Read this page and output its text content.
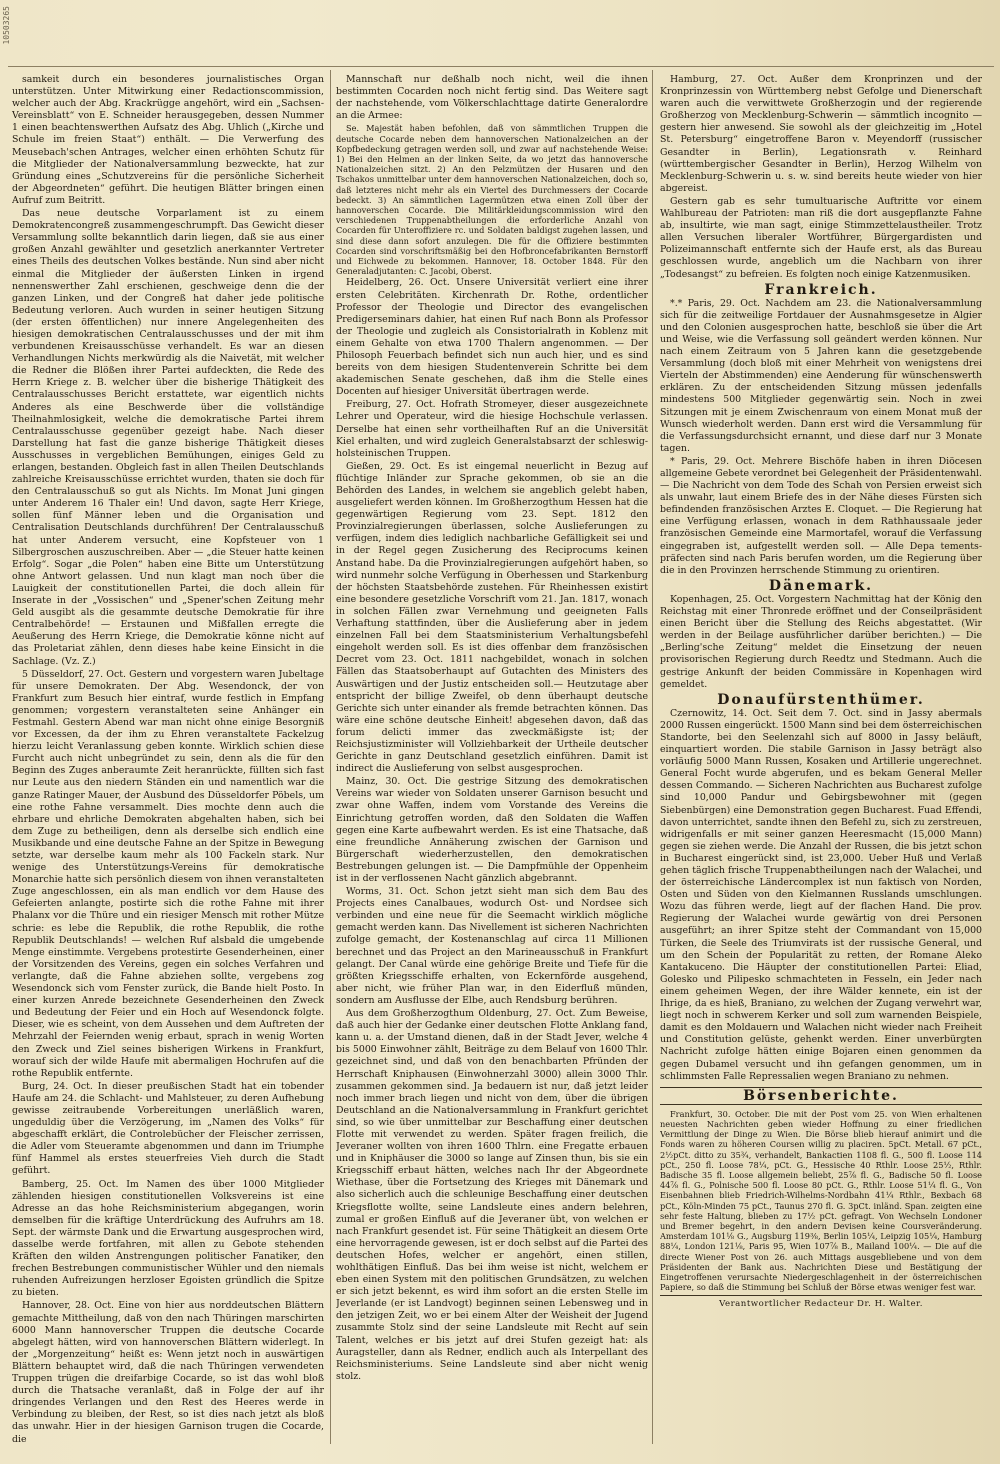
10503265

samkeit durch ein besonderes journalistisches Organ unterstützen. Unter Mitwirkung einer Redactionscommission, welcher auch der Abg. Krackrügge angehört, wird ein „Sachsen-Vereinsblatt“ von E. Schneider herausgegeben, dessen Nummer 1 einen beachtenswerthen Aufsatz des Abg. Uhlich („Kirche und Schule im freien Staat“) enthält. — Die Verwerfung des Meusebach'schen Antrages, welcher einen erhöhten Schutz für die Mitglieder der Nationalversammlung bezweckte, hat zur Gründung eines „Schutzvereins für die persönliche Sicherheit der Abgeordneten“ geführt. Die heutigen Blätter bringen einen Aufruf zum Beitritt.

Das neue deutsche Vorparlament ist zu einem Demokratencongreß zusammengeschrumpft. Das Gewicht dieser Versammlung sollte bekanntlich darin liegen, daß sie aus einer großen Anzahl gewählter und gesetzlich anerkannter Vertreter eines Theils des deutschen Volkes bestände. Nun sind aber nicht einmal die Mitglieder der äußersten Linken in irgend nennenswerther Zahl erschienen, geschweige denn die der ganzen Linken, und der Congreß hat daher jede politische Bedeutung verloren. Auch wurden in seiner heutigen Sitzung (der ersten öffentlichen) nur innere Angelegenheiten des hiesigen demokratischen Centralausschusses und der mit ihm verbundenen Kreisausschüsse verhandelt. Es war an diesen Verhandlungen Nichts merkwürdig als die Naivetät, mit welcher die Redner die Blößen ihrer Partei aufdeckten, die Rede des Herrn Kriege z. B. welcher über die bisherige Thätigkeit des Centralausschusses Bericht erstattete, war eigentlich nichts Anderes als eine Beschwerde über die vollständige Theilnahmlosigkeit, welche die demokratische Partei ihrem Centralausschusse gegenüber gezeigt habe. Nach dieser Darstellung hat fast die ganze bisherige Thätigkeit dieses Ausschusses in vergeblichen Bemühungen, einiges Geld zu erlangen, bestanden. Obgleich fast in allen Theilen Deutschlands zahlreiche Kreisausschüsse errichtet wurden, thaten sie doch für den Centralausschuß so gut als Nichts. Im Monat Juni gingen unter Anderem 16 Thaler ein! Und davon, sagte Herr Kriege, sollen fünf Männer leben und die Organisation und Centralisation Deutschlands durchführen! Der Centralausschuß hat unter Anderem versucht, eine Kopfsteuer von 1 Silbergroschen auszuschreiben. Aber — „die Steuer hatte keinen Erfolg“. Sogar „die Polen“ haben eine Bitte um Unterstützung ohne Antwort gelassen. Und nun klagt man noch über die Lauigkeit der constitutionellen Partei, die doch allein für Inserate in der „Vossischen“ und „Spener'schen Zeitung mehr Geld ausgibt als die gesammte deutsche Demokratie für ihre Centralbehörde! — Erstaunen und Mißfallen erregte die Aeußerung des Herrn Kriege, die Demokratie könne nicht auf das Proletariat zählen, denn dieses habe keine Einsicht in die Sachlage. (Vz. Z.)

5 Düsseldorf, 27. Oct. Gestern und vorgestern waren Jubeltage für unsere Demokraten. Der Abg. Wesendonck, der von Frankfurt zum Besuch hier eintraf, wurde festlich in Empfang genommen; vorgestern veranstalteten seine Anhänger ein Festmahl. Gestern Abend war man nicht ohne einige Besorgniß vor Excessen, da der ihm zu Ehren veranstaltete Fackelzug hierzu leicht Veranlassung geben konnte. Wirklich schien diese Furcht auch nicht unbegründet zu sein, denn als die für den Beginn des Zuges anberaumte Zeit heranrückte, füllten sich fast nur Leute aus den niedern Ständen ein und namentlich war die ganze Ratinger Mauer, der Ausbund des Düsseldorfer Pöbels, um eine rothe Fahne versammelt. Dies mochte denn auch die ehrbare und ehrliche Demokraten abgehalten haben, sich bei dem Zuge zu betheiligen, denn als derselbe sich endlich eine Musikbande und eine deutsche Fahne an der Spitze in Bewegung setzte, war derselbe kaum mehr als 100 Fackeln stark. Nur wenige des Unterstützungs-Vereins für demokratische Monarchie hatte sich persönlich diesem von ihnen veranstalteten Zuge angeschlossen, ein als man endlich vor dem Hause des Gefeierten anlangte, postirte sich die rothe Fahne mit ihrer Phalanx vor die Thüre und ein riesiger Mensch mit rother Mütze schrie: es lebe die Republik, die rothe Republik, die rothe Republik Deutschlands! — welchen Ruf alsbald die umgebende Menge einstimmte. Vergebens protestirte Gesenderheinen, einer der Vorsitzenden des Vereins, gegen ein solches Verfahren und verlangte, daß die Fahne abziehen sollte, vergebens zog Wesendonck sich vom Fenster zurück, die Bande hielt Posto. In einer kurzen Anrede bezeichnete Gesenderheinen den Zweck und Bedeutung der Feier und ein Hoch auf Wesendonck folgte. Dieser, wie es scheint, von dem Aussehen und dem Auftreten der Mehrzahl der Feiernden wenig erbaut, sprach in wenig Worten den Zweck und Ziel seines bisherigen Wirkens in Frankfurt, worauf sich der wilde Haufe mit abermaligen Hochrufen auf die rothe Republik entfernte.

Burg, 24. Oct. In dieser preußischen Stadt hat ein tobender Haufe am 24. die Schlacht- und Mahlsteuer, zu deren Aufhebung gewisse zeitraubende Vorbereitungen unerläßlich waren, ungeduldig über die Verzögerung, im „Namen des Volks“ für abgeschafft erklärt, die Controlebücher der Fleischer zerrissen, die Adler vom Steueramte abgenommen und dann im Triumphe fünf Hammel als erstes steuerfreies Vieh durch die Stadt geführt.

Bamberg, 25. Oct. Im Namen des über 1000 Mitglieder zählenden hiesigen constitutionellen Volksvereins ist eine Adresse an das hohe Reichsministerium abgegangen, worin demselben für die kräftige Unterdrückung des Aufruhrs am 18. Sept. der wärmste Dank und die Erwartung ausgesprochen wird, dasselbe werde fortfahren, mit allen zu Gebote stehenden Kräften den wilden Anstrengungen politischer Fanatiker, den frechen Bestrebungen communistischer Wühler und den niemals ruhenden Aufreizungen herzloser Egoisten gründlich die Spitze zu bieten.

Hannover, 28. Oct. Eine von hier aus norddeutschen Blättern gemachte Mittheilung, daß von den nach Thüringen marschirten 6000 Mann hannoverscher Truppen die deutsche Cocarde abgelegt hätten, wird von hannoverschen Blättern widerlegt. In der „Morgenzeitung“ heißt es: Wenn jetzt noch in auswärtigen Blättern behauptet wird, daß die nach Thüringen verwendeten Truppen trügen die dreifarbige Cocarde, so ist das wohl bloß durch die Thatsache veranlaßt, daß in Folge der auf ihr dringendes Verlangen und den Rest des Heeres werde in Verbindung zu bleiben, der Rest, so ist dies nach jetzt als bloß das unwahr. Hier in der hiesigen Garnison trugen die Cocarde, die

Mannschaft nur deßhalb noch nicht, weil die ihnen bestimmten Cocarden noch nicht fertig sind. Das Weitere sagt der nachstehende, vom Völkerschlachttage datirte Generalordre an die Armee:

Se. Majestät haben befohlen, daß von sämmtlichen Truppen die deutsche Cocarde neben dem hannoverschen Nationalzeichen an der Kopfbedeckung getragen werden soll, und zwar auf nachstehende Weise: 1) Bei den Helmen an der linken Seite, da wo jetzt das hannoversche Nationalzeichen sitzt. 2) An den Pelzmützen der Husaren und den Tschakos unmittelbar unter dem hannoverschen Nationalzeichen, doch so, daß letzteres nicht mehr als ein Viertel des Durchmessers der Cocarde bedeckt. 3) An sämmtlichen Lagermützen etwa einen Zoll über der hannoverschen Cocarde. Die Militärkleidungscommission wird den verschiedenen Truppenabtheilungen die erforderliche Anzahl von Cocarden für Unteroffiziere rc. und Soldaten baldigst zugehen lassen, und sind diese dann sofort anzulegen. Die für die Offiziere bestimmten Cocarden sind vorschriftsmäßig bei den Hofbroncefabrikanten Bernstorff und Eichwede zu bekommen. Hannover, 18. October 1848. Für den Generaladjutanten: C. Jacobi, Oberst.

Heidelberg, 26. Oct. Unsere Universität verliert eine ihrer ersten Celebritäten. Kirchenrath Dr. Rothe, ordentlicher Professor der Theologie und Director des evangelischen Predigerseminars dahier, hat einen Ruf nach Bonn als Professor der Theologie und zugleich als Consistorialrath in Koblenz mit einem Gehalte von etwa 1700 Thalern angenommen. — Der Philosoph Feuerbach befindet sich nun auch hier, und es sind bereits von dem hiesigen Studentenverein Schritte bei dem akademischen Senate geschehen, daß ihm die Stelle eines Docenten auf hiesiger Universität übertragen werde.

Freiburg, 27. Oct. Hofrath Stromeyer, dieser ausgezeichnete Lehrer und Operateur, wird die hiesige Hochschule verlassen. Derselbe hat einen sehr vortheilhaften Ruf an die Universität Kiel erhalten, und wird zugleich Generalstabsarzt der schleswig-holsteinischen Truppen.

Gießen, 29. Oct. Es ist eingemal neuerlicht in Bezug auf flüchtige Inländer zur Sprache gekommen, ob sie an die Behörden des Landes, in welchem sie angeblich gelebt haben, ausgeliefert werden können. Im Großherzogthum Hessen hat die gegenwärtigen Regierung vom 23. Sept. 1812 den Provinzialregierungen überlassen, solche Auslieferungen zu verfügen, indem dies lediglich nachbarliche Gefälligkeit sei und in der Regel gegen Zusicherung des Reciprocums keinen Anstand habe. Da die Provinzialregierungen aufgehört haben, so wird nunmehr solche Verfügung in Oberhessen und Starkenburg der höchsten Staatsbehörde zustehen. Für Rheinhessen existirt eine besondere gesetzliche Vorschrift vom 21. Jan. 1817, wonach in solchen Fällen zwar Vernehmung und geeigneten Falls Verhaftung stattfinden, über die Auslieferung aber in jedem einzelnen Fall bei dem Staatsministerium Verhaltungsbefehl eingeholt werden soll. Es ist dies offenbar dem französischen Decret vom 23. Oct. 1811 nachgebildet, wonach in solchen Fällen das Staatsoberhaupt auf Gutachten des Ministers des Auswärtigen und der Justiz entscheiden soll.— Heutzutage aber entspricht der billige Zweifel, ob denn überhaupt deutsche Gerichte sich unter einander als fremde betrachten können. Das wäre eine schöne deutsche Einheit! abgesehen davon, daß das forum delicti immer das zweckmäßigste ist; der Reichsjustizminister will Vollziehbarkeit der Urtheile deutscher Gerichte in ganz Deutschland gesetzlich einführen. Damit ist indirect die Auslieferung von selbst ausgesprochen.

Mainz, 30. Oct. Die gestrige Sitzung des demokratischen Vereins war wieder von Soldaten unserer Garnison besucht und zwar ohne Waffen, indem vom Vorstande des Vereins die Einrichtung getroffen worden, daß den Soldaten die Waffen gegen eine Karte aufbewahrt werden. Es ist eine Thatsache, daß eine freundliche Annäherung zwischen der Garnison und Bürgerschaft wiederherzustellen, den demokratischen Bestrebungen gelungen ist. — Die Dampfmühle der Oppenheim ist in der verflossenen Nacht gänzlich abgebrannt.

Worms, 31. Oct. Schon jetzt sieht man sich dem Bau des Projects eines Canalbaues, wodurch Ost- und Nordsee sich verbinden und eine neue für die Seemacht wirklich mögliche gemacht werden kann. Das Nivellement ist sicheren Nachrichten zufolge gemacht, der Kostenanschlag auf circa 11 Millionen berechnet und das Project an den Marineausschuß in Frankfurt gelangt. Der Canal würde eine gehörige Breite und Tiefe für die größten Kriegsschiffe erhalten, von Eckernförde ausgehend, aber nicht, wie früher Plan war, in den Eiderfluß münden, sondern am Ausflusse der Elbe, auch Rendsburg berühren.

Aus dem Großherzogthum Oldenburg, 27. Oct. Zum Beweise, daß auch hier der Gedanke einer deutschen Flotte Anklang fand, kann u. a. der Umstand dienen, daß in der Stadt Jever, welche 4 bis 5000 Einwohner zählt, Beiträge zu dem Belauf von 1600 Thlr. gezeichnet sind, und daß von den benachbarten Pfründen der Herrschaft Kniphausen (Einwohnerzahl 3000) allein 3000 Thlr. zusammen gekommen sind. Ja bedauern ist nur, daß jetzt leider noch immer brach liegen und nicht von dem, über die übrigen Deutschland an die Nationalversammlung in Frankfurt gerichtet sind, so wie über unmittelbar zur Beschaffung einer deutschen Flotte mit verwendet zu werden. Später fragen freilich, die Jeveraner wollten von ihren 1600 Thlrn. eine Fregatte erbauen und in Kniphäuser die 3000 so lange auf Zinsen thun, bis sie ein Kriegsschiff erbaut hätten, welches nach Ihr der Abgeordnete Wiethase, über die Fortsetzung des Krieges mit Dänemark und also sicherlich auch die schleunige Beschaffung einer deutschen Kriegsflotte wollte, seine Landsleute eines andern belehren, zumal er großen Einfluß auf die Jeveraner übt, von welchen er nach Frankfurt gesendet ist. Für seine Thätigkeit an diesem Orte eine hervorragende gewesen, ist er doch selbst auf die Partei des deutschen Hofes, welcher er angehört, einen stillen, wohlthätigen Einfluß. Das bei ihm weise ist nicht, welchem er eben einen System mit den politischen Grundsätzen, zu welchen er sich jetzt bekennt, es wird ihm sofort an die ersten Stelle im Jeverlande (er ist Landvogt) beginnen seinen Lebensweg und in den jetzigen Zeit, wo er bei einem Alter der Weisheit der Jugend zusammte Stolz sind der seine Landsleute mit Recht auf sein Talent, welches er bis jetzt auf drei Stufen gezeigt hat: als Auragsteller, dann als Redner, endlich auch als Interpellant des Reichsministeriums. Seine Landsleute sind aber nicht wenig stolz.

Hamburg, 27. Oct. Außer dem Kronprinzen und der Kronprinzessin von Württemberg nebst Gefolge und Dienerschaft waren auch die verwittwete Großherzogin und der regierende Großherzog von Mecklenburg-Schwerin — sämmtlich incognito — gestern hier anwesend. Sie sowohl als der gleichzeitig im „Hotel St. Petersburg“ eingetroffene Baron v. Meyendorff (russischer Gesandter in Berlin), Legationsrath v. Reinhard (württembergischer Gesandter in Berlin), Herzog Wilhelm von Mecklenburg-Schwerin u. s. w. sind bereits heute wieder von hier abgereist.

Gestern gab es sehr tumultuarische Auftritte vor einem Wahlbureau der Patrioten: man riß die dort ausgepflanzte Fahne ab, insultirte, wie man sagt, einige Stimmzettelaustheiler. Trotz allen Versuchen liberaler Wortführer, Bürgergardisten und Polizeimannschaft entfernte sich der Haufe erst, als das Bureau geschlossen wurde, angeblich um die Nachbarn von ihrer „Todesangst“ zu befreien. Es folgten noch einige Katzenmusiken.

Frankreich.

*.* Paris, 29. Oct. Nachdem am 23. die Nationalversammlung sich für die zeitweilige Fortdauer der Ausnahmsgesetze in Algier und den Colonien ausgesprochen hatte, beschloß sie über die Art und Weise, wie die Verfassung soll geändert werden können. Nur nach einem Zeitraum von 5 Jahren kann die gesetzgebende Versammlung (doch bloß mit einer Mehrheit von wenigstens drei Vierteln der Abstimmenden) eine Aenderung für wünschenswerth erklären. Zu der entscheidenden Sitzung müssen jedenfalls mindestens 500 Mitglieder gegenwärtig sein. Noch in zwei Sitzungen mit je einem Zwischenraum von einem Monat muß der Wunsch wiederholt werden. Dann erst wird die Versammlung für die Verfassungsdurchsicht ernannt, und diese darf nur 3 Monate tagen.

* Paris, 29. Oct. Mehrere Bischöfe haben in ihren Diöcesen allgemeine Gebete verordnet bei Gelegenheit der Präsidentenwahl. — Die Nachricht von dem Tode des Schah von Persien erweist sich als unwahr, laut einem Briefe des in der Nähe dieses Fürsten sich befindenden französischen Arztes E. Cloquet. — Die Regierung hat eine Verfügung erlassen, wonach in dem Rathhaussaale jeder französischen Gemeinde eine Marmortafel, worauf die Verfassung eingegraben ist, aufgestellt werden soll. — Alle Depa tements-präfecten sind nach Paris berufen worden, um die Regierung über die in den Provinzen herrschende Stimmung zu orientiren.

Dänemark.

Kopenhagen, 25. Oct. Vorgestern Nachmittag hat der König den Reichstag mit einer Thronrede eröffnet und der Conseilpräsident einen Bericht über die Stellung des Reichs abgestattet. (Wir werden in der Beilage ausführlicher darüber berichten.) — Die „Berling'sche Zeitung“ meldet die Einsetzung der neuen provisorischen Regierung durch Reedtz und Stedmann. Auch die gestrige Ankunft der beiden Commissäre in Kopenhagen wird gemeldet.

Donaufürstenthümer.

Czernowitz, 14. Oct. Seit dem 7. Oct. sind in Jassy abermals 2000 Russen eingerückt. 1500 Mann sind bei dem österreichischen Standorte, bei den Seelenzahl sich auf 8000 in Jassy beläuft, einquartiert worden. Die stabile Garnison in Jassy beträgt also vorläufig 5000 Mann Russen, Kosaken und Artillerie ungerechnet. General Focht wurde abgerufen, und es bekam General Meller dessen Commando. — Sicheren Nachrichten aus Bucharest zufolge sind 10,000 Pandur und Gebirgsbewohner mit (gegen Siebenbürgen) eine Demonstration gegen Bucharest. Fuad Effendi, davon unterrichtet, sandte ihnen den Befehl zu, sich zu zerstreuen, widrigenfalls er mit seiner ganzen Heeresmacht (15,000 Mann) gegen sie ziehen werde. Die Anzahl der Russen, die bis jetzt schon in Bucharest eingerückt sind, ist 23,000. Ueber Huß und Verlaß gehen täglich frische Truppenabtheilungen nach der Walachei, und der österreichische Ländercomplex ist nun faktisch von Norden, Osten und Süden von den Kielmannen Russlands umschlungen. Wozu das führen werde, liegt auf der flachen Hand. Die prov. Regierung der Walachei wurde gewärtig von drei Personen ausgeführt; an ihrer Spitze steht der Commandant von 15,000 Türken, die Seele des Triumvirats ist der russische General, und um den Schein der Popularität zu retten, der Romane Aleko Kantakuceno. Die Häupter der constitutionellen Partei: Eliad, Golesko und Pilipesko schmachteten in Fesseln, ein Jeder nach einem geheimen Wegen, der ihre Wälder kennete, ein ist der Ihrige, da es hieß, Braniano, zu welchen der Zugang verwehrt war, liegt noch in schwerem Kerker und soll zum warnenden Beispiele, damit es den Moldauern und Walachen nicht wieder nach Freiheit und Constitution gelüste, gehenkt werden. Einer unverbürgten Nachricht zufolge hätten einige Bojaren einen genommen da gegen Dubamel versucht und ihn gefangen genommen, um in schlimmsten Falle Repressalien wegen Braniano zu nehmen.

Börsenberichte.

Frankfurt, 30. October. Die mit der Post vom 25. von Wien erhaltenen neuesten Nachrichten geben wieder Hoffnung zu einer friedlichen Vermittlung der Dinge zu Wien. Die Börse blieb hierauf animirt und die Fonds waren zu höheren Coursen willig zu placiren. 5pCt. Metall. 67 pCt., 2½pCt. ditto zu 35¾, verhandelt, Bankactien 1108 fl. G., 500 fl. Loose 114 pCt., 250 fl. Loose 78¼, pCt. G., Hessische 40 Rthlr. Loose 25½, Rthlr. Badische 35 fl. Loose allgemein beliebt, 25⅞ fl. G., Badische 50 fl. Loose 44⅞ fl. G., Polnische 500 fl. Loose 80 pCt. G., Rthlr. Loose 51¼ fl. G., Von Eisenbahnen blieb Friedrich-Wilhelms-Nordbahn 41¼ Rthlr., Bexbach 68 pCt., Köln-Minden 75 pCt., Taunus 270 fl. G. 3pCt. inländ. Span. zeigten eine sehr feste Haltung, blieben zu 17½ pCt. gefragt. Von Wechseln Londoner und Bremer begehrt, in den andern Devisen keine Coursveränderung. Amsterdam 101⅛ G., Augsburg 119⅜, Berlin 105¼, Leipzig 105¼, Hamburg 88¼, London 121⅛, Paris 95, Wien 107⅞ B., Mailand 100¼. — Die auf die directe Wiener Post von 26. auch Mittags ausgebliebene und von dem Präsidenten der Bank aus. Nachrichten Diese und Bestätigung der Eingetroffenen verursachte Niedergeschlagenheit in der österreichischen Papiere, so daß die Stimmung bei Schluß der Börse etwas weniger fest war.

Verantwortlicher Redacteur Dr. H. Walter.
